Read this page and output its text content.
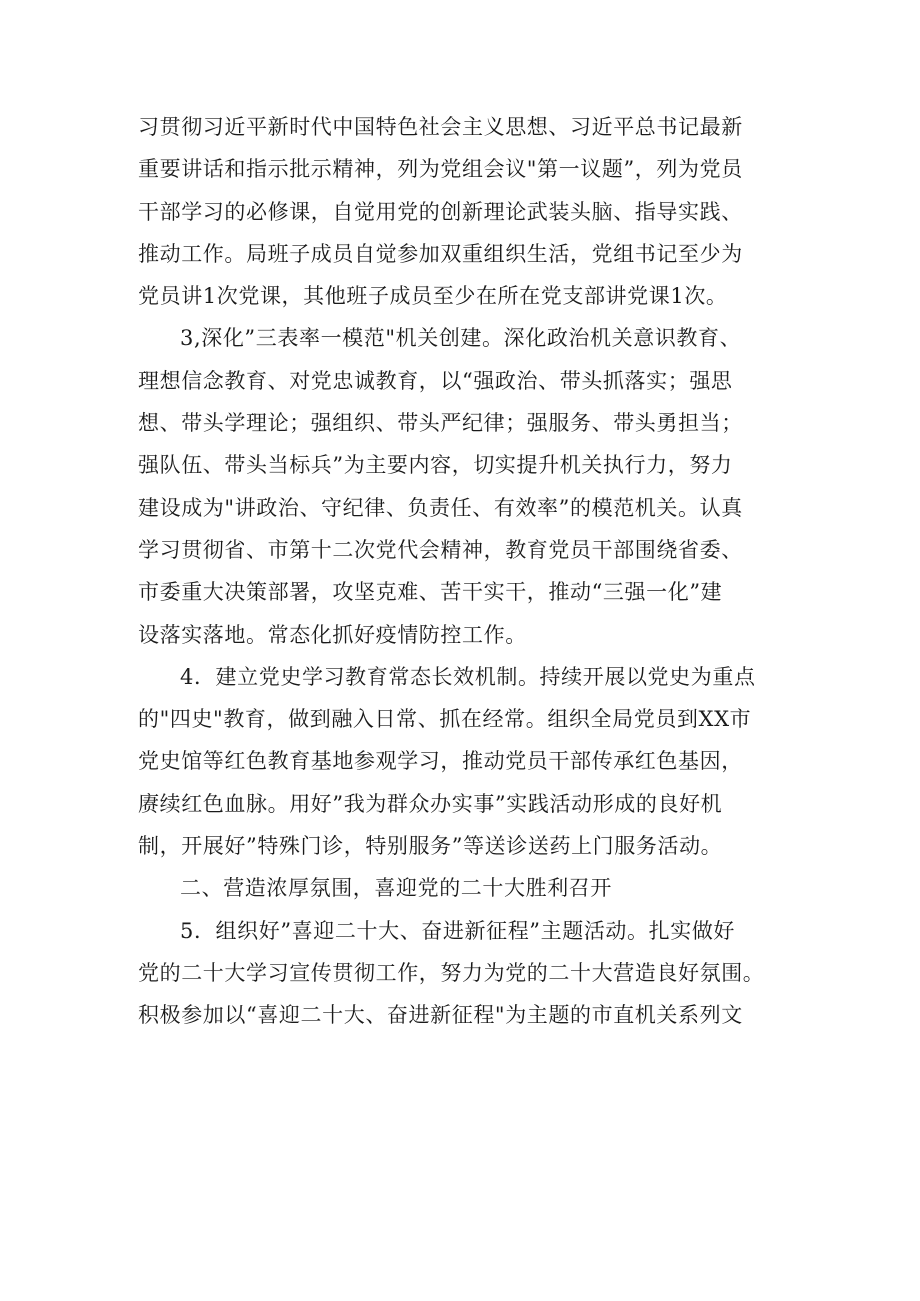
习贯彻习近平新时代中国特色社会主义思想、习近平总书记最新
重要讲话和指示批示精神，列为党组会议"第一议题”，列为党员
干部学习的必修课，自觉用党的创新理论武装头脑、指导实践、
推动工作。局班子成员自觉参加双重组织生活，党组书记至少为
党员讲1次党课，其他班子成员至少在所在党支部讲党课1次。
3,深化”三表率一模范"机关创建。深化政治机关意识教育、
理想信念教育、对党忠诚教育，以“强政治、带头抓落实；强思
想、带头学理论；强组织、带头严纪律；强服务、带头勇担当；
强队伍、带头当标兵”为主要内容，切实提升机关执行力，努力
建设成为"讲政治、守纪律、负责任、有效率”的模范机关。认真
学习贯彻省、市第十二次党代会精神，教育党员干部围绕省委、
市委重大决策部署，攻坚克难、苦干实干，推动“三强一化”建
设落实落地。常态化抓好疫情防控工作。
4．建立党史学习教育常态长效机制。持续开展以党史为重点
的"四史"教育，做到融入日常、抓在经常。组织全局党员到XX市
党史馆等红色教育基地参观学习，推动党员干部传承红色基因，
赓续红色血脉。用好”我为群众办实事”实践活动形成的良好机
制，开展好”特殊门诊，特别服务”等送诊送药上门服务活动。
二、营造浓厚氛围，喜迎党的二十大胜利召开
5．组织好”喜迎二十大、奋进新征程”主题活动。扎实做好
党的二十大学习宣传贯彻工作，努力为党的二十大营造良好氛围。
积极参加以“喜迎二十大、奋进新征程"为主题的市直机关系列文
